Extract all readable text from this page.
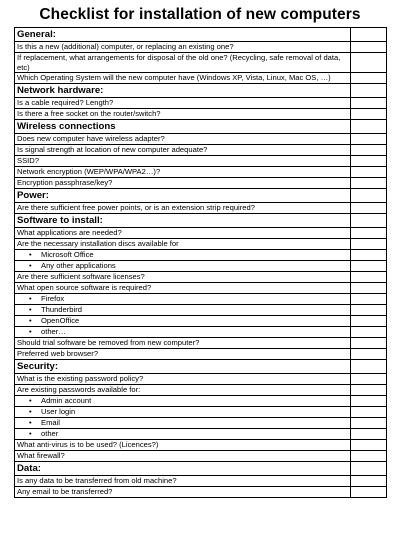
Checklist for installation of new computers
General:	
Is this a new (additional) computer, or replacing an existing one?	
If replacement, what arrangements for disposal of the old one? (Recycling, safe removal of data, etc)	
Which Operating System will the new computer have (Windows XP, Vista, Linux, Mac OS, …)	
Network hardware:	
Is a cable required? Length?	
Is there a free socket on the router/switch?	
Wireless connections	
Does new computer have wireless adapter?	
Is signal strength at location of new computer adequate?	
SSID?	
Network encryption (WEP/WPA/WPA2…)?	
Encryption passphrase/key?	
Power:	
Are there sufficient free power points, or is an extension strip required?	
Software to install:	
What applications are needed?	
Are the necessary installation discs available for	

• Microsoft Office	

• Any other applications	
Are there sufficient software licenses?	
What open source software is required?	

• Firefox	

• Thunderbird	

• OpenOffice	

• other…	
Should trial software be removed from new computer?	
Preferred web browser?	
Security:	
What is the existing password policy?	
Are existing passwords available for:	

• Admin account	

• User login	

• Email	

• other	
What anti-virus is to be used? (Licences?)	
What firewall?	
Data:	
Is any data to be transferred from old machine?	
Any email to be transferred?	
